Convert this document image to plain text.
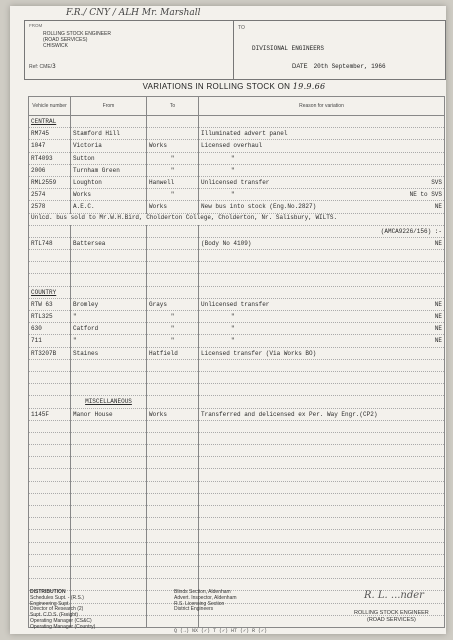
F.R./ CNY / ALH Mr. Marshall
FROM
ROLLING STOCK ENGINEER
(ROAD SERVICES)
CHISWICK
Ref: CME/3
TO
DIVISIONAL ENGINEERS
DATE 20th September, 1966
VARIATIONS IN ROLLING STOCK ON 19.9.66
Vehicle number	From	To	Reason for variation
CENTRAL			
RM745	Stamford Hill		Illuminated advert panel
1047	Victoria	Works	Licensed overhaul
RT4093	Sutton	"	"
2006	Turnham Green	"	"
RML2559	Loughton	Hanwell	Unlicensed transfer SVS

2574	Works	"	" NE to SVS

2578	A.E.C.	Works	New bus into stock (Eng.No.2827) NE

Unlcd. bus sold to Mr.W.H.Bird, Cholderton College, Cholderton, Nr. Salisbury, WILTS.			

			(AMCA9226/156) :-

RTL748	Battersea		(Body No 4109) NE

COUNTRY			
RTW 63	Bromley	Grays	Unlicensed transfer NE

RTL325	"	"	" NE

630	Catford	"	" NE

711	"	"	" NE

RT3207B	Staines	Hatfield	Licensed transfer (Via Works BO)

	MISCELLANEOUS		
1145F	Manor House	Works	Transferred and delicensed ex Per. Way Engr.(CP2)

DISTRIBUTION
Schedules Supt. - (R.S.)
Engineering Supt.
Director of Research (2)
Supt. C.D.S. (Freight)
Operating Manager (CS&C)
Operating Manager (Country)
Blinds Section, Aldenham
Advert. Inspector, Aldenham
R.S. Licensing Section
District Engineers
Q (→) NX (✓) T (✓) HT (✓) R (✓)
R. L. ...nder
ROLLING STOCK ENGINEER
(ROAD SERVICES)
